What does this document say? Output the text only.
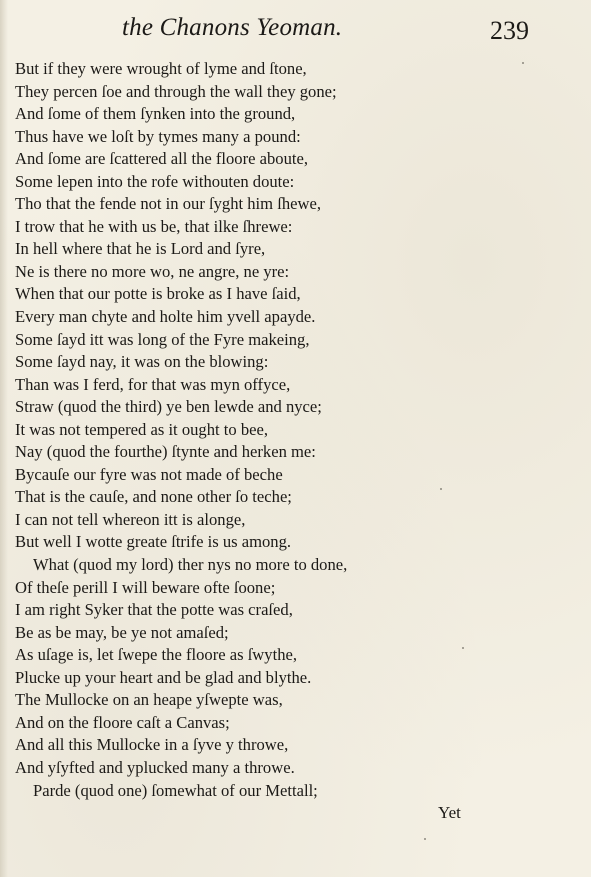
the Chanons Yeoman.	239
But if they were wrought of lyme and ſtone,
They percen ſoe and through the wall they gone;
And ſome of them ſynken into the ground,
Thus have we loſt by tymes many a pound:
And ſome are ſcattered all the floore aboute,
Some lepen into the rofe withouten doute:
Tho that the fende not in our ſyght him ſhewe,
I trow that he with us be, that ilke ſhrewe:
In hell where that he is Lord and ſyre,
Ne is there no more wo, ne angre, ne yre:
When that our potte is broke as I have ſaid,
Every man chyte and holte him yvell apayde.
Some ſayd itt was long of the Fyre makeing,
Some ſayd nay, it was on the blowing:
Than was I ferd, for that was myn offyce,
Straw (quod the third) ye ben lewde and nyce;
It was not tempered as it ought to bee,
Nay (quod the fourthe) ſtynte and herken me:
Bycauſe our fyre was not made of beche
That is the cauſe, and none other ſo teche;
I can not tell whereon itt is alonge,
But well I wotte greate ſtrife is us among.
What (quod my lord) ther nys no more to done,
Of theſe perill I will beware ofte ſoone;
I am right Syker that the potte was craſed,
Be as be may, be ye not amaſed;
As uſage is, let ſwepe the floore as ſwythe,
Plucke up your heart and be glad and blythe.
The Mullocke on an heape yſwepte was,
And on the floore caſt a Canvas;
And all this Mullocke in a ſyve y throwe,
And yſyfted and yplucked many a throwe.
Parde (quod one) ſomewhat of our Mettall;
Yet
